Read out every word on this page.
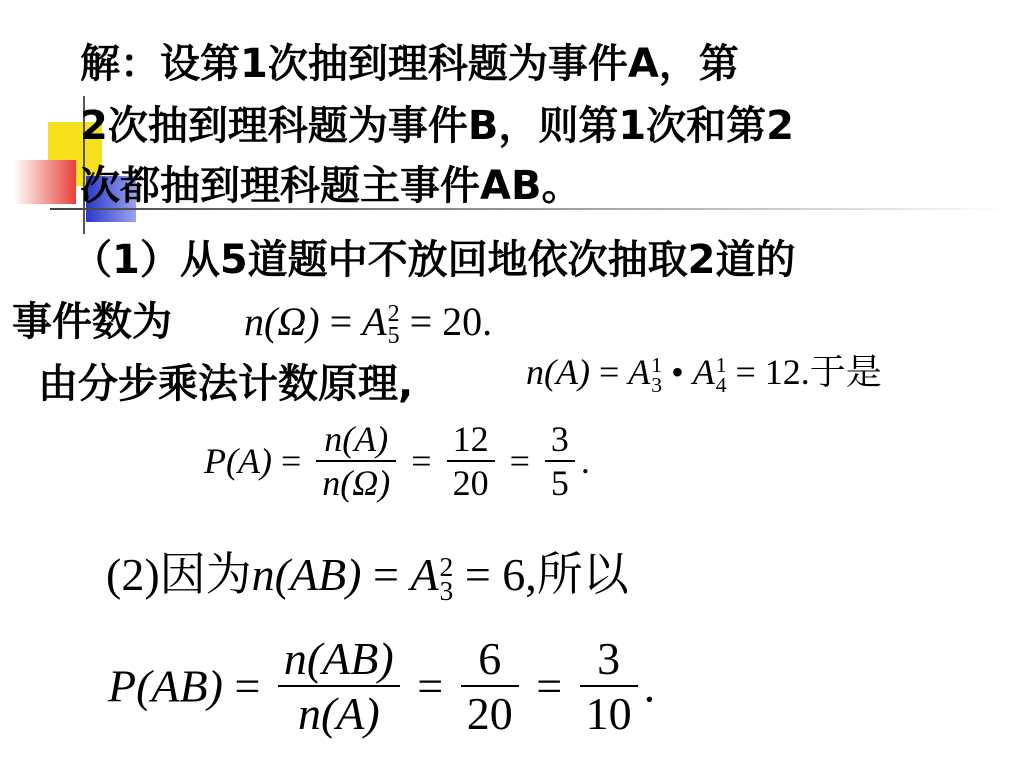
解：设第1次抽到理科题为事件A，第
2次抽到理科题为事件B，则第1次和第2
次都抽到理科题主事件AB。
（1）从5道题中不放回地依次抽取2道的
事件数为 n(Ω) = A 2
5 = 20.
由分步乘法计数原理,	n(A) = A 1
3 • A 1
4 = 12.于是
$P(A) = \frac{n(A)}{n(\Omega)} = \frac{12}{20} = \frac{3}{5}$ .
(2)因为n(AB) = A 2
3 = 6,所以
$P(AB) = \frac{n(AB)}{n(A)} = \frac{6}{20} = \frac{3}{10}$ .
